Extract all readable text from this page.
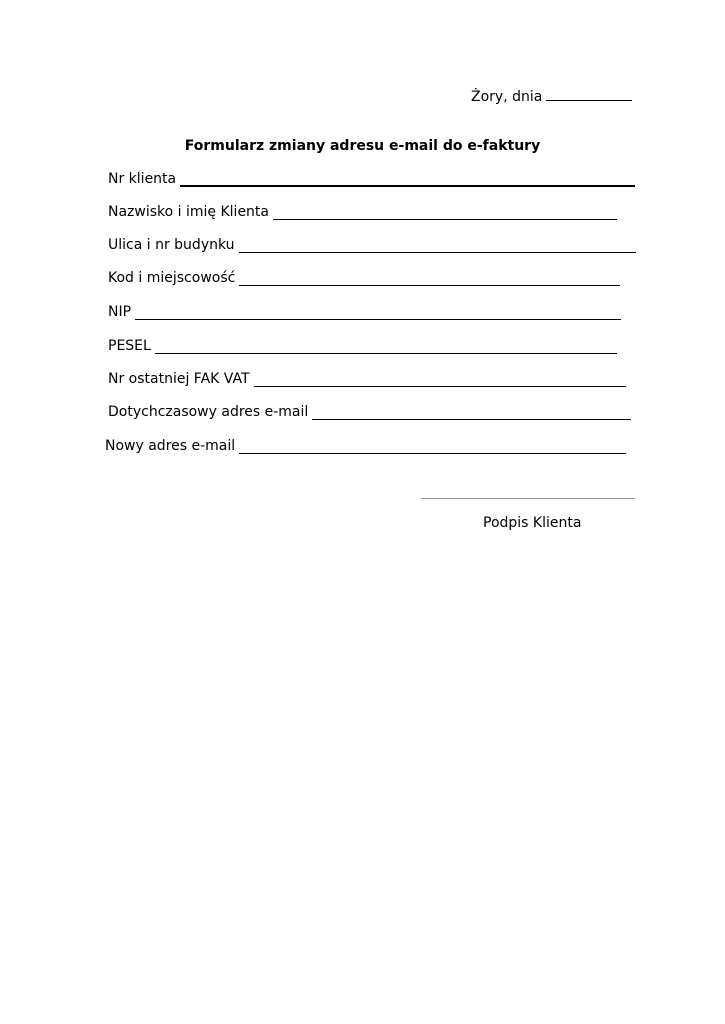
Żory, dnia
Formularz zmiany adresu e-mail do e-faktury
Nr klienta
Nazwisko i imię Klienta
Ulica i nr budynku
Kod i miejscowość
NIP
PESEL
Nr ostatniej FAK VAT
Dotychczasowy adres e-mail
Nowy adres e-mail
Podpis Klienta
